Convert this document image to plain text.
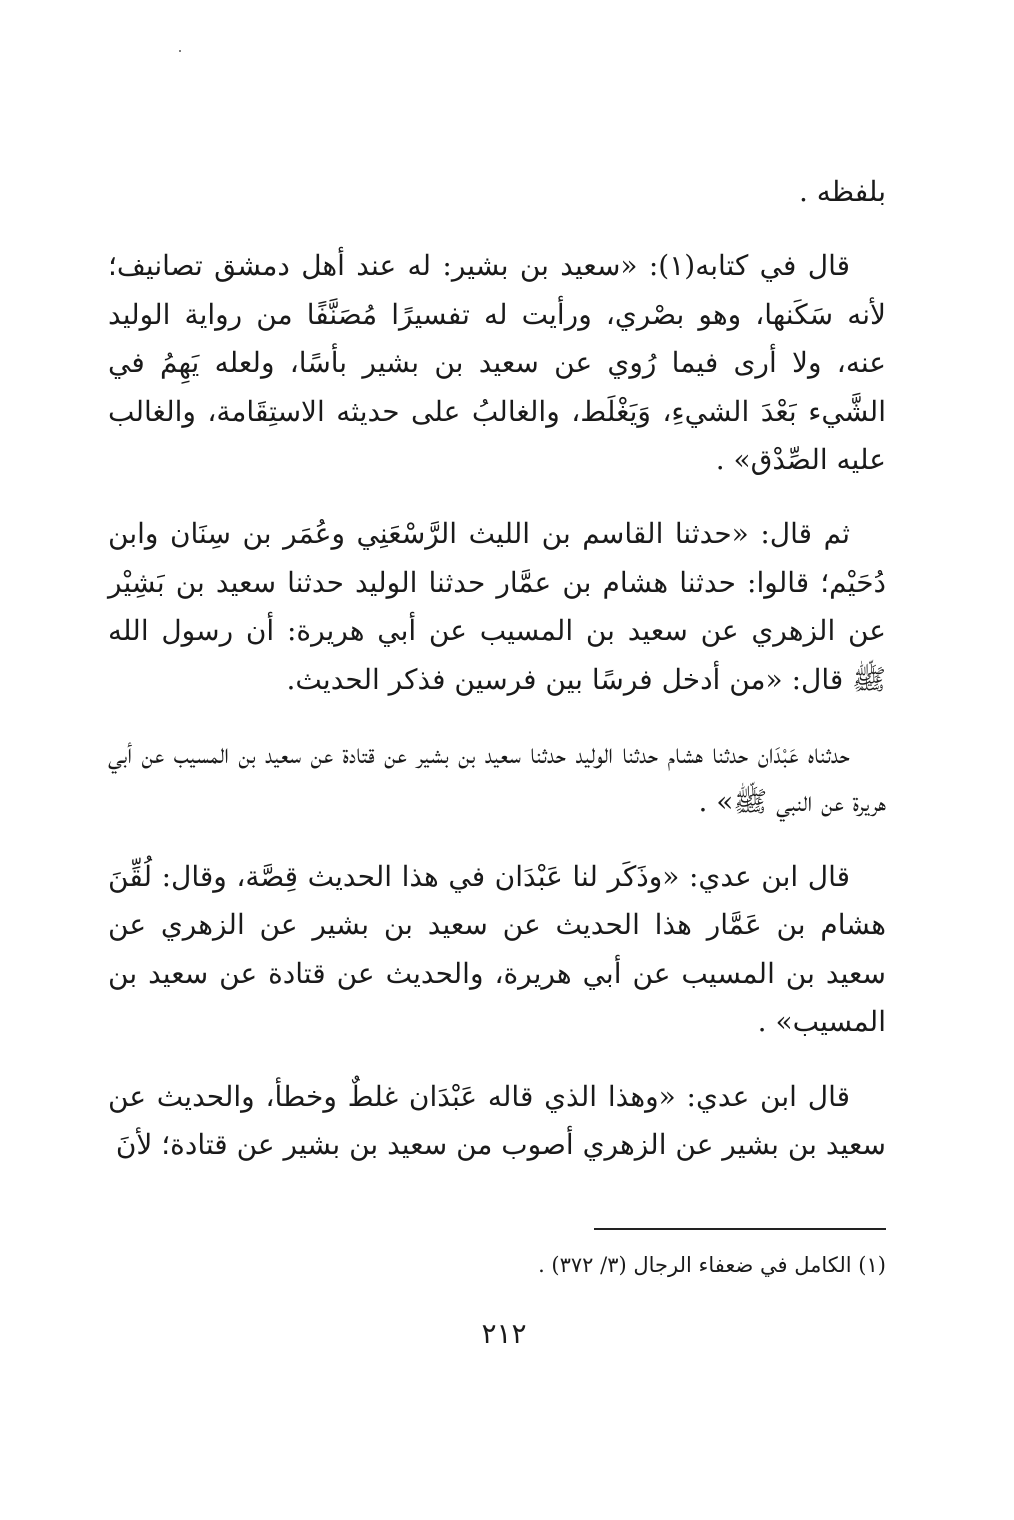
بلفظه .

قال في كتابه(١): «سعيد بن بشير: له عند أهل دمشق تصانيف؛ لأنه سَكَنها، وهو بصْري، ورأيت له تفسيرًا مُصَنَّفًا من رواية الوليد عنه، ولا أرى فيما رُوي عن سعيد بن بشير بأسًا، ولعله يَهِمُ في الشَّيء بَعْدَ الشيءِ، وَيَغْلَط، والغالبُ على حديثه الاستِقَامة، والغالب عليه الصِّدْق» .

ثم قال: «حدثنا القاسم بن الليث الرَّسْعَنِي وعُمَر بن سِنَان وابن دُحَيْم؛ قالوا: حدثنا هشام بن عمَّار حدثنا الوليد حدثنا سعيد بن بَشِيْر عن الزهري عن سعيد بن المسيب عن أبي هريرة: أن رسول الله ﷺ قال: «من أدخل فرسًا بين فرسين فذكر الحديث.

حدثناه عَبْدَان حدثنا هشام حدثنا الوليد حدثنا سعيد بن بشير عن قتادة عن سعيد بن المسيب عن أبي هريرة عن النبي ﷺ» .

قال ابن عدي: «وذَكَر لنا عَبْدَان في هذا الحديث قِصَّة، وقال: لُقِّنَ هشام بن عَمَّار هذا الحديث عن سعيد بن بشير عن الزهري عن سعيد بن المسيب عن أبي هريرة، والحديث عن قتادة عن سعيد بن المسيب» .

قال ابن عدي: «وهذا الذي قاله عَبْدَان غلطٌ وخطأ، والحديث عن سعيد بن بشير عن الزهري أصوب من سعيد بن بشير عن قتادة؛ لأنَ

(١) الكامل في ضعفاء الرجال (٣/ ٣٧٢) .
٢١٢
